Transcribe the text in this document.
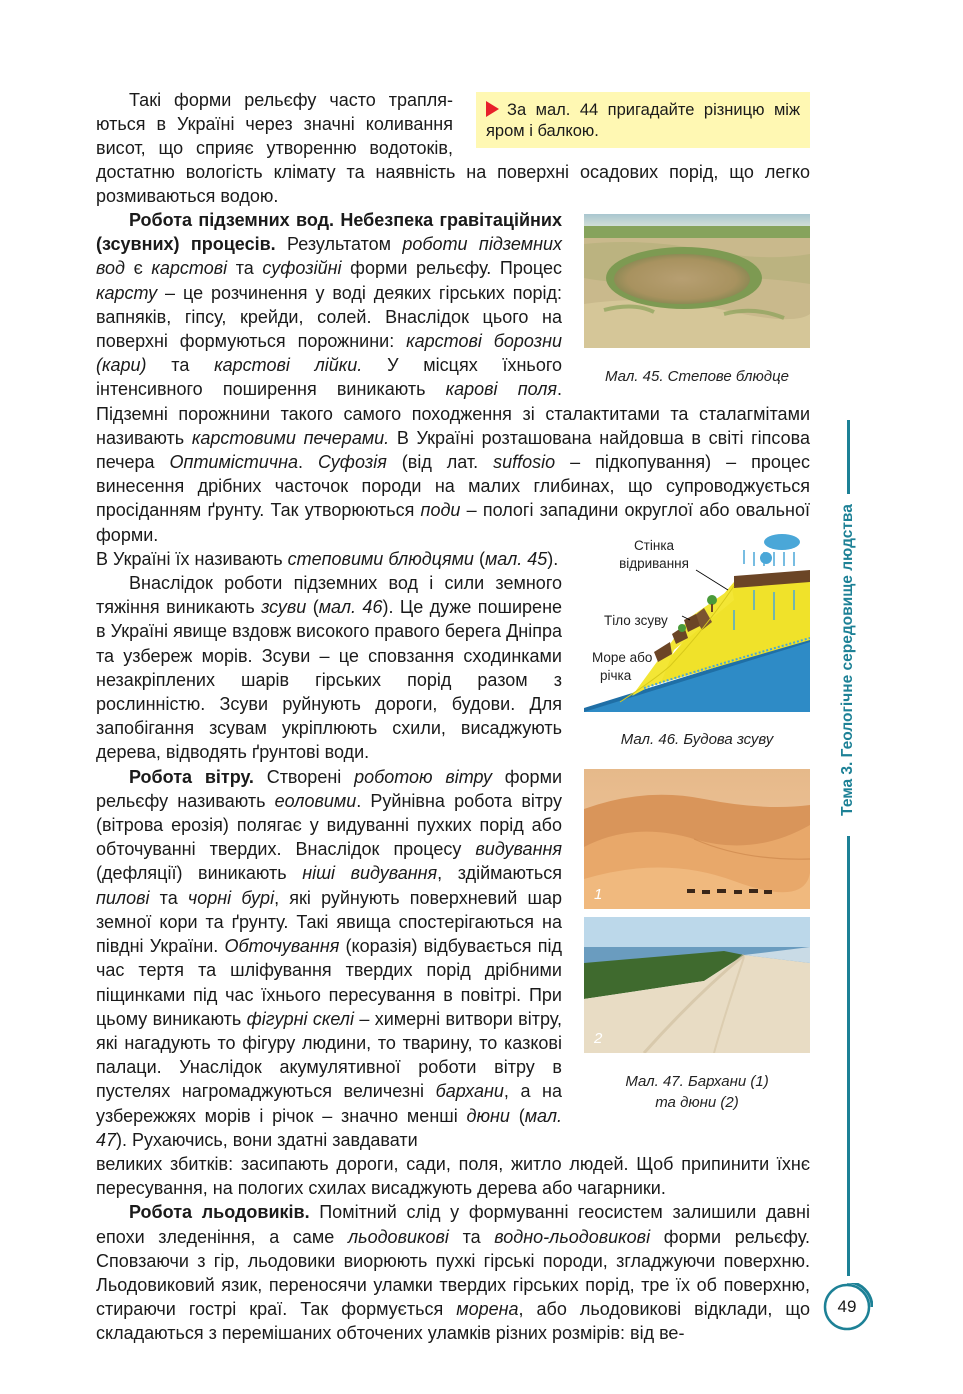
За мал. 44 пригадайте різницю між яром і балкою.
Такі форми рельєфу часто трапля-
ються в Україні через значні коливання
висот, що сприяє утворенню водотоків,

достатню вологість клімату та наявність на поверхні осадових порід, що легко розмиваються водою.

Мал. 45. Степове блюдце

Робота підземних вод. Небезпека гравітаційних (зсувних) процесів. Результатом роботи підземних вод є карстові та суфозійні форми рельєфу. Процес карсту – це розчинення у воді деяких гірських порід: вапняків, гіпсу, крейди, солей. Внаслідок цього на поверхні формуються порожнини: карстові борозни (кари) та карстові лійки. У місцях їхнього інтенсивного поширення виникають карові поля.

Підземні порожнини такого самого походження зі сталактитами та сталагмітами називають карстовими печерами. В Україні розташована найдовша в світі гіпсова печера Оптимістична. Суфозія (від лат. suffosio – підкопування) – процес винесення дрібних часточок породи на малих глибинах, що супроводжується просіданням ґрунту. Так утворюються поди – пологі западини округлої або овальної форми.

В Україні їх називають степовими блюдцями (мал. 45).

Внаслідок роботи підземних вод і сили земного тяжіння виникають зсуви (мал. 46). Це дуже поширене в Україні явище вздовж високого правого берега Дніпра та узбереж морів. Зсуви – це сповзання сходинками незакріплених шарів гірських порід разом з рослинністю. Зсуви руйнують дороги, будови. Для запобігання зсувам укріплюють схили, висаджують дерева, відводять ґрунтові води.

Робота вітру. Створені роботою вітру форми рельєфу називають еоловими. Руйнівна робота вітру (вітрова ерозія) полягає у видуванні пухких порід або обточуванні твердих. Внаслідок процесу видування (дефляції) виникають ніші видування, здіймаються пилові та чорні бурі, які руйнують поверхневий шар земної кори та ґрунту. Такі явища спостерігаються на півдні України. Обточування (коразія) відбувається під час тертя та шліфування твердих порід дрібними піщинками під час їхнього пересування в повітрі. При цьому виникають фігурні скелі – химерні витвори вітру, які нагадують то фігуру людини, то тварину, то казкові палаци. Унаслідок акумулятивної роботи вітру в пустелях нагромаджуються величезні бархани, а на узбережжях морів і річок – значно менші дюни (мал. 47). Рухаючись, вони здатні завдавати

великих збитків: засипають дороги, сади, поля, житло людей. Щоб припинити їхнє пересування, на пологих схилах висаджують дерева або чагарники.

Робота льодовиків. Помітний слід у формуванні геосистем залишили давні епохи зледеніння, а саме льодовикові та водно-льодовикові форми рельєфу. Сповзаючи з гір, льодовики виорюють пухкі гірські породи, згладжуючи поверхню. Льодовиковий язик, переносячи уламки твердих гірських порід, тре їх об поверхню, стираючи гострі краї. Так формується морена, або льодовикові відклади, що складаються з перемішаних обточених уламків різних розмірів: від ве-

Стінка
відривання
Тіло зсуву
Море або
річка
Мал. 46. Будова зсуву
1
2
Мал. 47. Бархани (1)
та дюни (2)
Тема 3. Геологічне середовище людства
49
